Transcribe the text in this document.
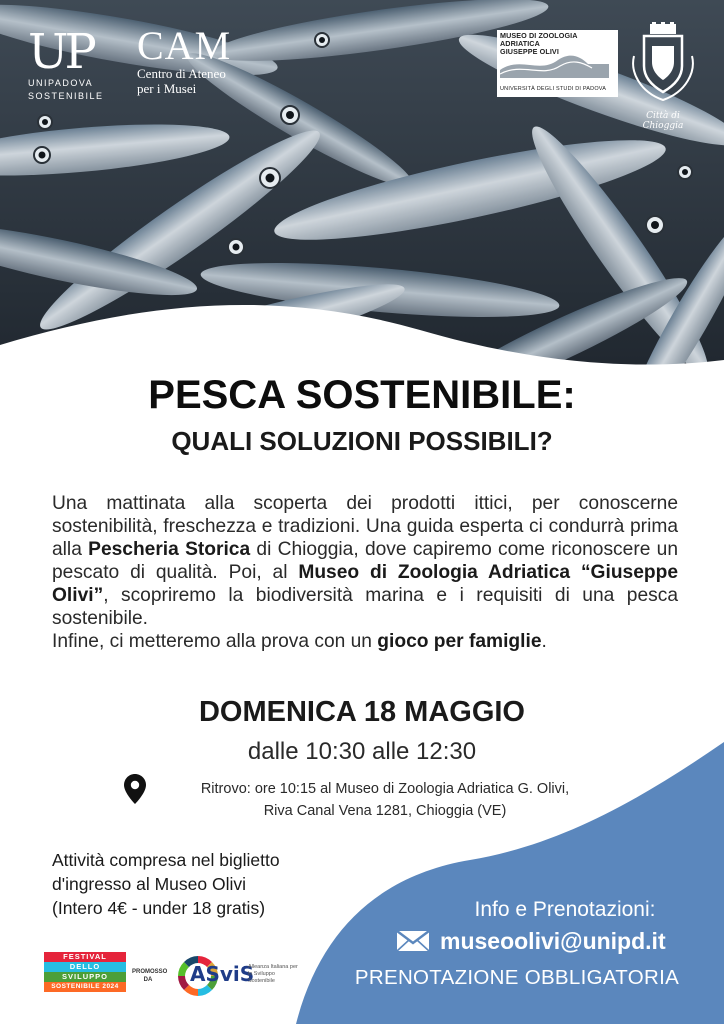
UP
UNIPADOVA
SOSTENIBILE
CAM
Centro di Ateneo
per i Musei
MUSEO DI ZOOLOGIA ADRIATICA
GIUSEPPE OLIVI
UNIVERSITÀ DEGLI STUDI DI PADOVA
Città di Chioggia
PESCA SOSTENIBILE:
QUALI SOLUZIONI POSSIBILI?

Una mattinata alla scoperta dei prodotti ittici, per conoscerne sostenibilità, freschezza e tradizioni. Una guida esperta ci condurrà prima alla Pescheria Storica di Chioggia, dove capiremo come riconoscere un pescato di qualità. Poi, al Museo di Zoologia Adriatica “Giuseppe Olivi”, scopriremo la biodiversità marina e i requisiti di una pesca sostenibile.

Infine, ci metteremo alla prova con un gioco per famiglie.

DOMENICA 18 MAGGIO
dalle 10:30 alle 12:30
Ritrovo: ore 10:15 al Museo di Zoologia Adriatica G. Olivi,
Riva Canal Vena 1281, Chioggia (VE)
Attività compresa nel biglietto
d'ingresso al Museo Olivi
(Intero 4€ - under 18 gratis)	Info e Prenotazioni:
museoolivi@unipd.it
PRENOTAZIONE OBBLIGATORIA
FESTIVAL
DELLO
SVILUPPO
SOSTENIBILE 2024
PROMOSSO DA	ASviS
Alleanza Italiana per lo Sviluppo Sostenibile
